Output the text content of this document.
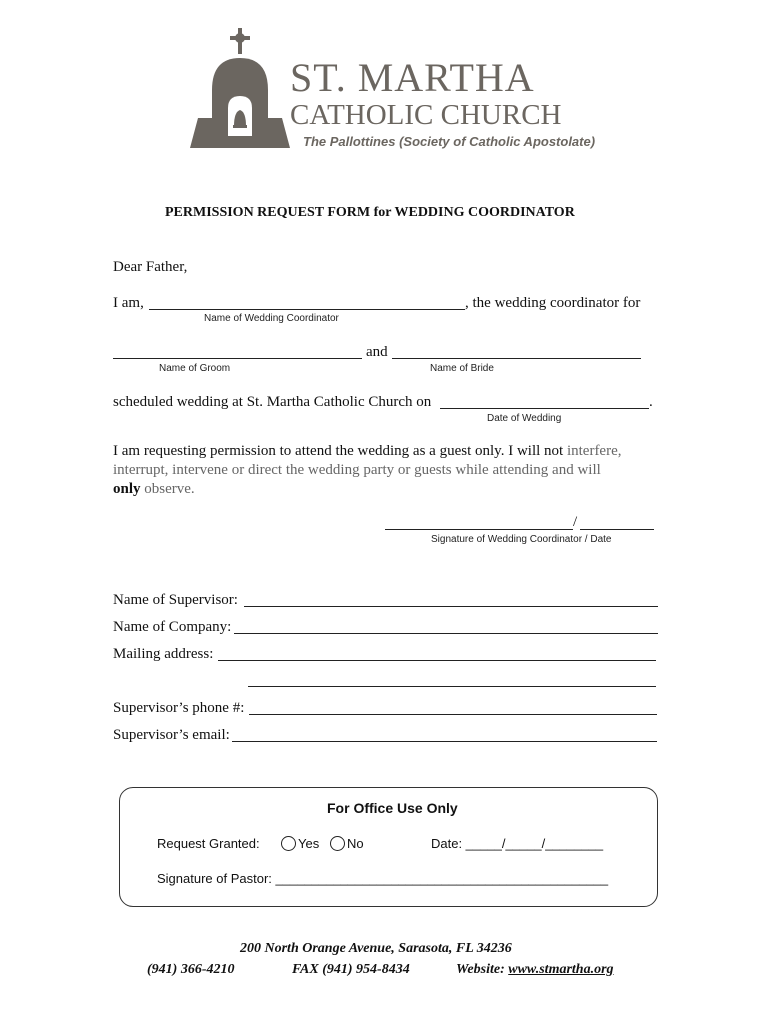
ST. MARTHA
CATHOLIC CHURCH
The Pallottines (Society of Catholic Apostolate)
PERMISSION REQUEST FORM for WEDDING COORDINATOR
Dear Father,
I am,	, the wedding coordinator for
Name of Wedding Coordinator
and
Name of Groom	Name of Bride
scheduled wedding at St. Martha Catholic Church on	.
Date of Wedding
I am requesting permission to attend the wedding as a guest only. I will not interfere,
interrupt, intervene or direct the wedding party or guests while attending and will
only observe.
/
Signature of Wedding Coordinator / Date
Name of Supervisor:
Name of Company:
Mailing address:
Supervisor’s phone #:
Supervisor’s email:
For Office Use Only
Request Granted:	Yes No	Date: _____/_____/________
Signature of Pastor: ______________________________________________
200 North Orange Avenue, Sarasota, FL 34236
(941) 366-4210	FAX (941) 954-8434	Website: www.stmartha.org
